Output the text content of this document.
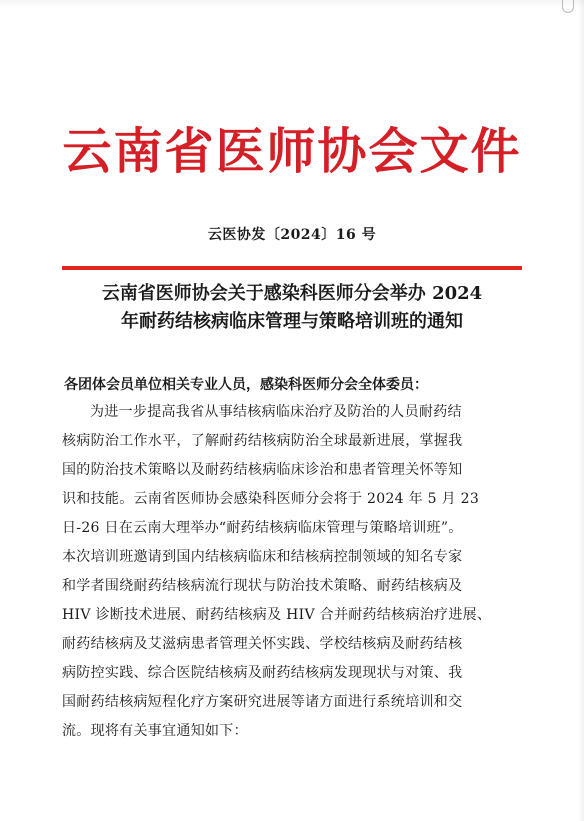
云南省医师协会文件
云医协发〔2024〕16 号
云南省医师协会关于感染科医师分会举办 2024
年耐药结核病临床管理与策略培训班的通知
各团体会员单位相关专业人员，感染科医师分会全体委员：
为进一步提高我省从事结核病临床治疗及防治的人员耐药结
核病防治工作水平，了解耐药结核病防治全球最新进展，掌握我
国的防治技术策略以及耐药结核病临床诊治和患者管理关怀等知
识和技能。云南省医师协会感染科医师分会将于 2024 年 5 月 23
日-26 日在云南大理举办“耐药结核病临床管理与策略培训班”。
本次培训班邀请到国内结核病临床和结核病控制领域的知名专家
和学者围绕耐药结核病流行现状与防治技术策略、耐药结核病及
HIV 诊断技术进展、耐药结核病及 HIV 合并耐药结核病治疗进展、
耐药结核病及艾滋病患者管理关怀实践、学校结核病及耐药结核
病防控实践、综合医院结核病及耐药结核病发现现状与对策、我
国耐药结核病短程化疗方案研究进展等诸方面进行系统培训和交
流。现将有关事宜通知如下：
